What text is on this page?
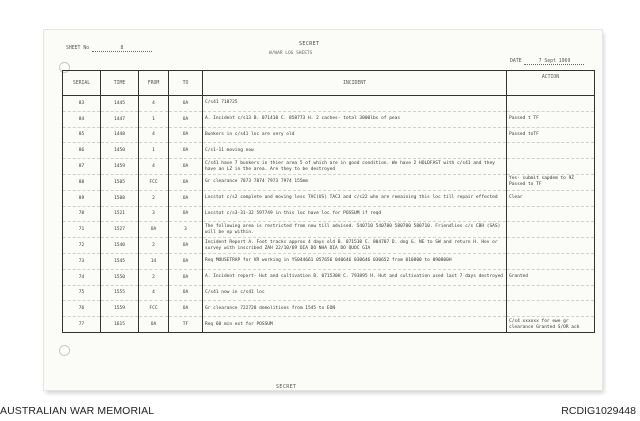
SECRET
W/WAR LOG SHEETS
SHEET No	8
DATE	7 Sept 1969
SERIAL	TIME	FROM	TO	INCIDENT	ACTION
83	1445	4	OA	C/s41 718725	
84	1447	1	OA	A. Incident c/s13 B. 071410 C. 858773 H. 2 caches- total 3000lbs of peas	Passed t TF
85	1448	4	OA	Bunkers in c/s41 loc are very old	Passed toTF
86	1450	1	OA	C/s1-11 moving now	
87	1459	4	OA	C/s41 have 7 bunkers in thier area 5 of which are in good condition. We have 2 HOLDFAST with c/s41 and they have an LZ in the area. Are they to be destroyed	
88	1505	FCC	OA	Gr clearance 7873 7874 7973 7974 155mm	Yes- submit sapdem to 9Z Passed to TF
89	1508	2	OA	Locstat c/s2 complete and moving less TAC(US) TAC3 and c/s22 who are remaining this loc till repair effected	Clear
70	1521	3	OA	Locstat c/s3-31-32 597749 in this loc have loc for POSSUM if reqd	
71	1527	OA	3	The following area is restricted from now till advised. 540710 540780 580780 580710. Friendlies c/s CBH (SAS) will be op within.	
72	1540	2	OA	Incident Report A. Foot tracks approx 4 days old B. 071510 C. 804707 D. dog G. NE to SW and return H. Hov or survey with inscribed ZAH 22/10/69 DIA DO NHA DIA DO QUOC GIA	
73	1545	14	OA	Req MOUSETRAP for VR working in YS044661 057656 040646 030646 030652 from 010800 to 090800H	
74	1550	2	OA	A. Incident report- Hut and cultivation B. 071530H C. 793895 H. Hut and cultivation used last 7 days destroyed	Granted
75	1555	4	OA	C/s41 now in c/s41 loc	
76	1559	FCC	OA	Gr clearance 722728 demolitions from 1545 to EON	
77	1615	OA	TF	Req 60 min ext for POSSUM	C/s4 xxxxxx for ewe gr clearance Granted S/OR ack
SECRET
AUSTRALIAN WAR MEMORIAL	RCDIG1029448
